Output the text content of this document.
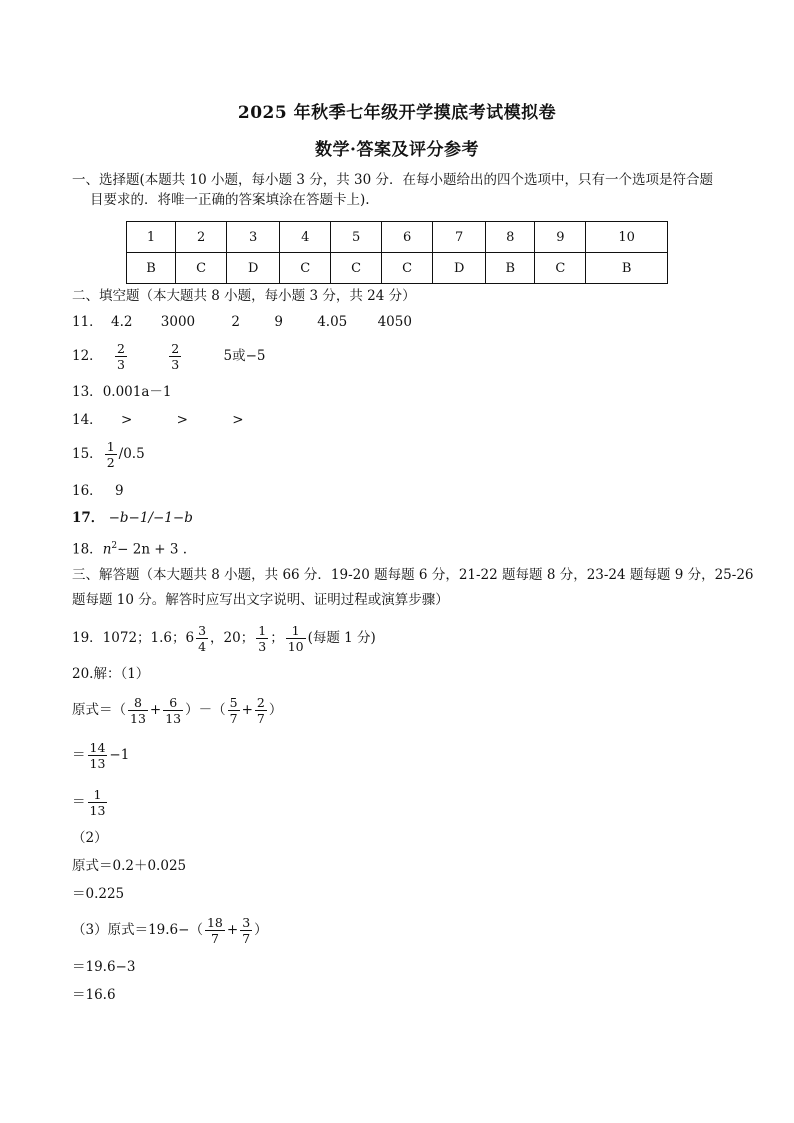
2025 年秋季七年级开学摸底考试模拟卷
数学·答案及评分参考
一、选择题(本题共 10 小题，每小题 3 分，共 30 分．在每小题给出的四个选项中，只有一个选项是符合题
目要求的．将唯一正确的答案填涂在答题卡上).
1	2	3	4	5	6	7	8	9	10
B	C	D	C	C	C	D	B	C	B
二、填空题（本大题共 8 小题，每小题 3 分，共 24 分）
11． 4.2 3000	2	9	4.05 4050
12． $\frac{2}{3}$
	$\frac{2}{3}$	5或−5
13．0.001a－1
14． >	>	>
15． $\frac{1}{2} /0.5$
16． 9
17． −b−1/−1−b
18．$n^2- 2n + 3$ .
三、解答题（本大题共 8 小题，共 66 分．19-20 题每题 6 分，21-22 题每题 8 分，23-24 题每题 9 分，25-26
题每题 10 分。解答时应写出文字说明、证明过程或演算步骤）
19．1072；1.6；$6 \frac{3}{4}$ ，20； $\frac{1}{3}$ ； $\frac{1}{10}$ (每题 1 分)
20.解：（1）
原式＝（ $\frac{8}{13} + \frac{6}{13}$ ）－（ $\frac{5}{7} + \frac{2}{7}$ ）
＝ $\frac{14}{13} -1$
＝ $\frac{1}{13}$
（2）
原式＝0.2＋0.025
＝0.225
（3）原式$=19.6-( \frac{18}{7} + \frac{3}{7}$ ）
＝19.6−3
＝16.6
